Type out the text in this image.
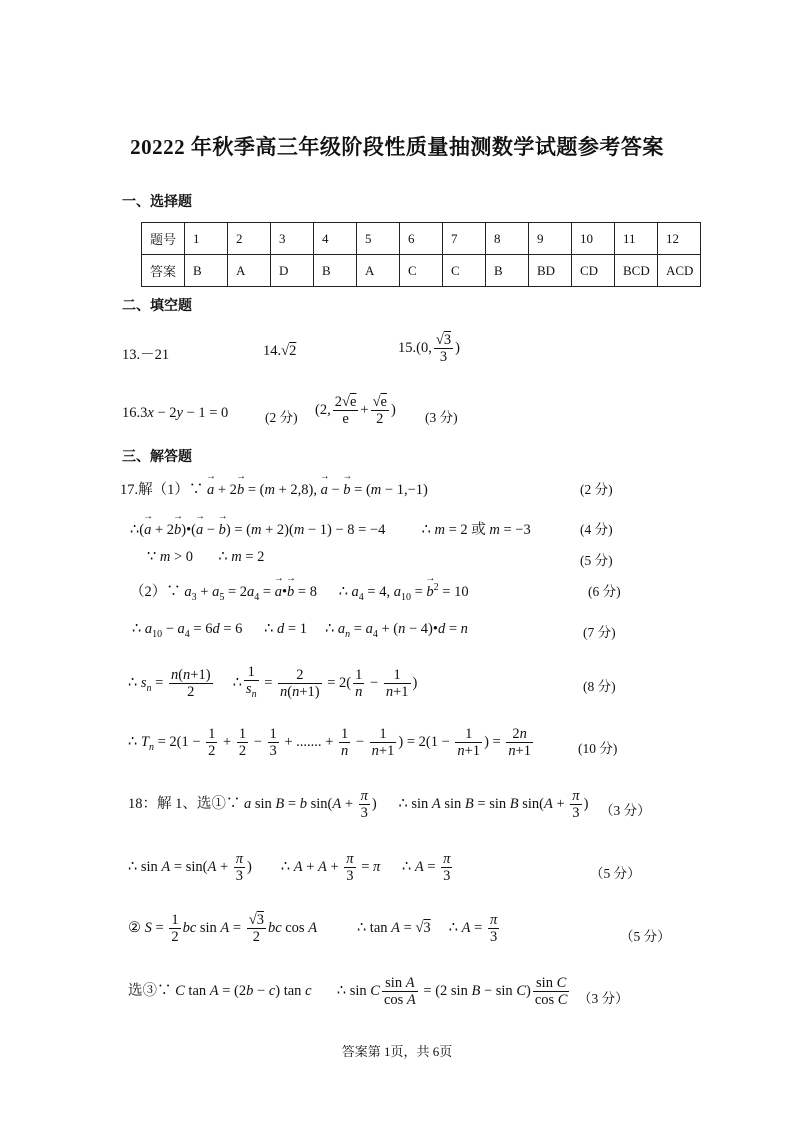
20222 年秋季高三年级阶段性质量抽测数学试题参考答案
一、选择题
题号	1	2	3	4	5	6	7	8	9	10	11	12
答案	B	A	D	B	A	C	C	B	BD	CD	BCD	ACD
二、填空题
13.－21	14.√2	15.(0, $\frac{√3}{3}$ )
16.3x − 2y − 1 = 0	(2 分) (2, $\frac{2√e}{e} + \frac{√e}{2}$ ) (3 分)
三、解答题
17.解（1）∵ → a + 2→ b = (m + 2,8), → a − → b = (m − 1,−1)	(2 分)
∴(→ a + 2→ b)•(→ a − → b) = (m + 2)(m − 1) − 8 = −4          ∴ m = 2 或 m = −3	(4 分)
∵ m > 0       ∴ m = 2	(5 分)
（2）∵ $a_3 + a_5 = 2a_4$ = → a•→ b = 8      ∴ $a_4 = 4$, $a_{10}$ = → $b^2 = 10$	(6 分)
∴ $a_{10} - a_4 = 6d = 6$      ∴ d = 1     ∴ $a_n = a_4 + (n$ − 4)•d = n	(7 分)
∴ $s_n = \frac{n(n+1)}{2}$ ∴ $\frac{1}{s_n} = \frac{2}{n(n+1)} = 2( \frac{1}{n} - \frac{1}{n+1}$ )	(8 分)
∴ $T_n = 2(1 - \frac{1}{2} + \frac{1}{2} - \frac{1}{3}$ + ....... + $\frac{1}{n} - \frac{1}{n+1}$ ) = $2(1 - \frac{1}{n+1}$ ) = $\frac{2n}{n+1}$	(10 分)
18：解 1、选①∵ a sin B = b $\sin(A + \frac{\pi}{3}$ )      ∴ sin A sin B = sin B $\sin(A + \frac{\pi}{3}$ ) （3 分）
∴ $\sin A = \sin(A + \frac{\pi}{3}$ )        ∴ $A + A + \frac{\pi}{3} = \pi$      ∴ $A = \frac{\pi}{3}$	（5 分）
② $S = \frac{1}{2}$ bc $\sin A = \frac{√3}{2}$ bc cos A           ∴ tan A = √3     ∴ $A = \frac{\pi}{3}$	（5 分）
选③∵ C tan A = (2b − c) tan c       ∴ sin C $\frac{\text{sin A}}{\text{cos A}} = (2$ $\sin B - \sin C) \frac{\text{sin C}}{\text{cos C}} (3$ 分）
答案第 1页，共 6页
